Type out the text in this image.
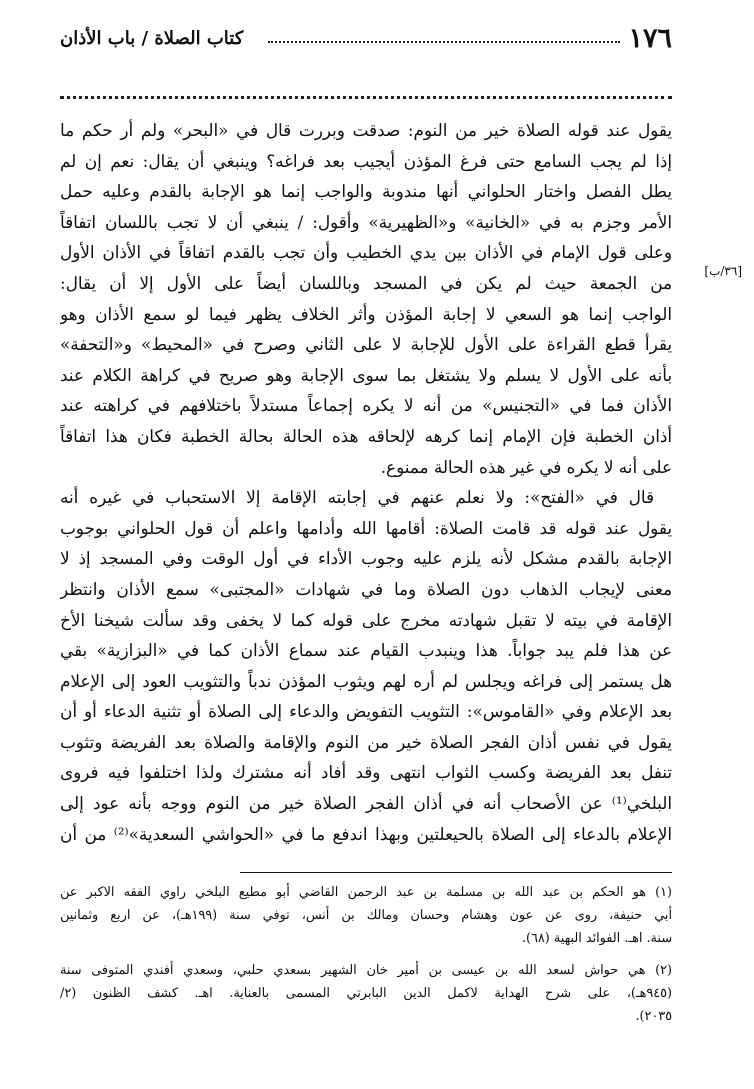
١٧٦
كتاب الصلاة / باب الأذان
[٣٦/ب]
يقول عند قوله الصلاة خير من النوم: صدقت وبررت قال في «البحر» ولم أر حكم ما
إذا لم يجب السامع حتى فرغ المؤذن أيجيب بعد فراغه؟ وينبغي أن يقال: نعم إن لم
يطل الفصل واختار الحلواني أنها مندوبة والواجب إنما هو الإجابة بالقدم وعليه حمل
الأمر وجزم به في «الخانية» و«الظهيرية» وأقول: / ينبغي أن لا تجب باللسان اتفاقاً
وعلى قول الإمام في الأذان بين يدي الخطيب وأن تجب بالقدم اتفاقاً في الأذان الأول
من الجمعة حيث لم يكن في المسجد وباللسان أيضاً على الأول إلا أن يقال:
الواجب إنما هو السعي لا إجابة المؤذن وأثر الخلاف يظهر فيما لو سمع الأذان وهو
يقرأ قطع القراءة على الأول للإجابة لا على الثاني وصرح في «المحيط» و«التحفة»
بأنه على الأول لا يسلم ولا يشتغل بما سوى الإجابة وهو صريح في كراهة الكلام عند
الأذان فما في «التجنيس» من أنه لا يكره إجماعاً مستدلاً باختلافهم في كراهته عند
أذان الخطبة فإن الإمام إنما كرهه لإلحاقه هذه الحالة بحالة الخطبة فكان هذا اتفاقاً
على أنه لا يكره في غير هذه الحالة ممنوع.
قال في «الفتح»: ولا نعلم عنهم في إجابته الإقامة إلا الاستحباب في غيره أنه
يقول عند قوله قد قامت الصلاة: أقامها الله وأدامها واعلم أن قول الحلواني بوجوب
الإجابة بالقدم مشكل لأنه يلزم عليه وجوب الأداء في أول الوقت وفي المسجد إذ لا
معنى لإيجاب الذهاب دون الصلاة وما في شهادات «المجتبى» سمع الأذان وانتظر
الإقامة في بيته لا تقبل شهادته مخرج على قوله كما لا يخفى وقد سألت شيخنا الأخ
عن هذا فلم يبد جواباً. هذا وينبدب القيام عند سماع الأذان كما في «البزازية» بقي
هل يستمر إلى فراغه ويجلس لم أره لهم ويثوب المؤذن ندباً والتثويب العود إلى الإعلام
بعد الإعلام وفي «القاموس»: التثويب التفويض والدعاء إلى الصلاة أو تثنية الدعاء أو أن
يقول في نفس أذان الفجر الصلاة خير من النوم والإقامة والصلاة بعد الفريضة وتثوب
تنفل بعد الفريضة وكسب الثواب انتهى وقد أفاد أنه مشترك ولذا اختلفوا فيه فروى
البلخي⁽¹⁾ عن الأصحاب أنه في أذان الفجر الصلاة خير من النوم ووجه بأنه عود إلى
الإعلام بالدعاء إلى الصلاة بالحيعلتين وبهذا اندفع ما في «الحواشي السعدية»⁽²⁾ من أن
(١) هو الحكم بن عبد الله بن مسلمة بن عبد الرحمن القاضي أبو مطيع البلخي راوي الفقه الاكبر عن
أبي حنيفة، روى عن عون وهشام وحسان ومالك بن أنس، توفي سنة (١٩٩هـ)، عن اربع وثمانين
سنة. اهـ. الفوائد البهية (٦٨).
(٢) هي حواش لسعد الله بن عيسى بن أمير خان الشهير بسعدي حلبي، وسعدي أفندي المتوفى سنة
(٩٤٥هـ)، على شرح الهداية لاكمل الدين البابرتي المسمى بالعناية. اهـ. كشف الظنون (٢/
٢٠٣٥).
